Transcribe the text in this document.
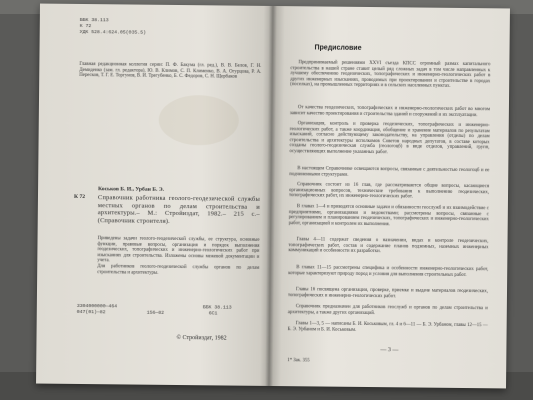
ББК 38.113
К 72
УДК 528.4:624.05(035.5)
Главная редакционная коллегия серии: П. Ф. Бакума (гл. ред.), В. В. Белов, Г. Н. Демиденко (зам. гл. редактора), Ю. В. Климов, С. П. Клименко, В. А. Огурцова, Р. А. Пересков, Т. Г. Е. Торгунов, В. И. Трегубенко, Б. С. Федоров, С. Н. Щербаков
К 72
Коськов Б. И., Урбан Б. Э.
Справочник работника геолого-геодезической службы местных органов по делам строительства и архитектуры.– М.: Стройиздат, 1982.– 215 с.– (Справочник строителя).
Приведены задачи геолого-геодезической службы, ее структура, основные функции, правовые вопросы, организация и порядок выполнения геодезических, топографических и инженерно-геологических работ при изысканиях для строительства. Изложены основы межевой документации и учета.
Для работников геолого-геодезической службы органов по делам строительства и архитектуры.
3304000000—464
047(01)—82	156—82
ББК 38.113
6С1
© Стройиздат, 1982
Предисловие
Предпринимаемый решениями XXVI съезда КПСС огромный размах капитального строительства в нашей стране ставит целый ряд сложных задач в том числе направленных к лучшему обеспечению геодезических, топографических и инженерно-геологических работ в других инженерных изысканиях, проводимых при проектировании и строительстве в городах (поселках), на промышленных территориях и в сельских населенных пунктах.
От качества геодезических, топографических и инженерно-геологических работ во многом зависит качество проектирования и строительства зданий и сооружений и их эксплуатации.
Организация, контроль и проверка геодезических, топографических и инженерно-геологических работ, а также координация, обобщение и хранение материалов по результатам изысканий, согласно действующему законодательству, на управления (отделы) по делам строительства и архитектуры исполкомов Советов народных депутатов, в составе которых созданы геолого-геодезическая служба (геологоцб) в виде отделов, управлений, групп, осуществляющих выполнение указанных работ.
В настоящем Справочнике освещаются вопросы, связанные с деятельностью геологоцб и ее подчиненными структурами.
Справочник состоит из 16 глав, где рассматриваются общие вопросы, касающиеся организационных вопросов, технические требования к выполнению геодезических, топографических работ, их инженерно-геологических работ.
В главах 1—4 и приводятся основные задачи и обязанности геослужб и их взаимодействие с предприятиями, организациями и ведомствами; рассмотрены вопросы, связанные с регулированием и планированием геодезических, топографических и инженерно-геологических работ, организацией и контролем их выполнения.
Главы 4—11 содержат сведения о назначении, видах и контроле геодезических, топографических работ, состав и содержание планов подземных, наземных инженерных коммуникаций и особенности их разработки.
В главах 11—15 рассмотрены специфика и особенности инженерно-геологических работ, которые характеризуют природу пород и условия для выполнения строительных работ.
Главы 16 посвящена организации, проверке, приемке и выдаче материалов геодезических, топографических и инженерно-геологических работ.
Справочник предназначен для работников геослужб и органов по делам строительства и архитектуры, а также других организаций.
Главы 1—3, 5 — написаны Б. И. Коськовым, гл. 4 и 6—11 — Б. Э. Урбаном, главы 12—15 — Б. Э. Урбаном и Б. И. Коськовым.
— 3 —
1* Зак. 355
